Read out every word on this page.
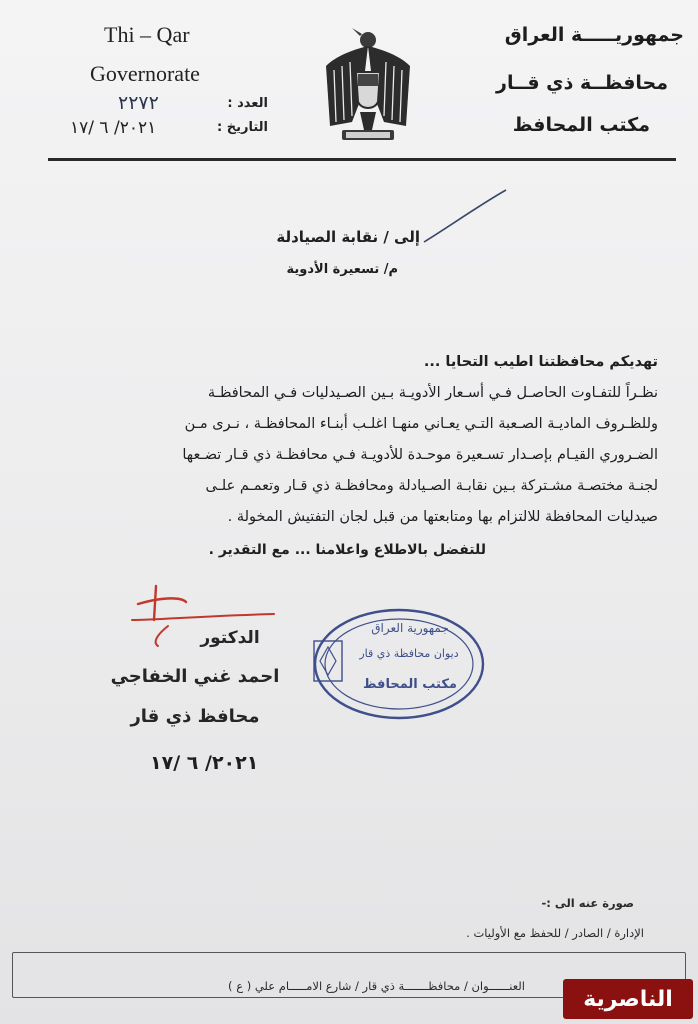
Thi – Qar
Governorate
العدد :
٢٢٧٢
التاريخ :
٢٠٢١/ ٦ /١٧
جمهوريـــــة العراق
محافظــة ذي قــار
مكتب المحافظ
إلى / نقابة الصيادلة
م/ تسعيرة الأدوية
تهديكم محافظتنا اطيب التحايا ...
نظـراً للتفـاوت الحاصـل فـي أسـعار الأدويـة بـين الصـيدليات فـي المحافظـة
وللظـروف الماديـة الصـعبة التـي يعـاني منهـا اغلـب أبنـاء المحافظـة ، نـرى مـن
الضـروري القيـام بإصـدار تسـعيرة موحـدة للأدويـة فـي محافظـة ذي قـار تضـعها
لجنـة مختصـة مشـتركة بـين نقابـة الصـيادلة ومحافظـة ذي قـار وتعمـم علـى
صيدليات المحافظة للالتزام بها ومتابعتها من قبل لجان التفتيش المخولة .
للتفضل بالاطلاع واعلامنا ... مع التقدير .
الدكتور
احمد غني الخفاجي
محافظ ذي قار
٢٠٢١/ ٦ /١٧
جمهورية العراق
ديوان محافظة ذي قار
مكتب المحافظ
صورة عنه الى :-
الإدارة / الصادر / للحفظ مع الأوليات .
العنــــــوان / محافظـــــــة ذي قار / شارع الامـــــام علي ( ع )
الناصرية
